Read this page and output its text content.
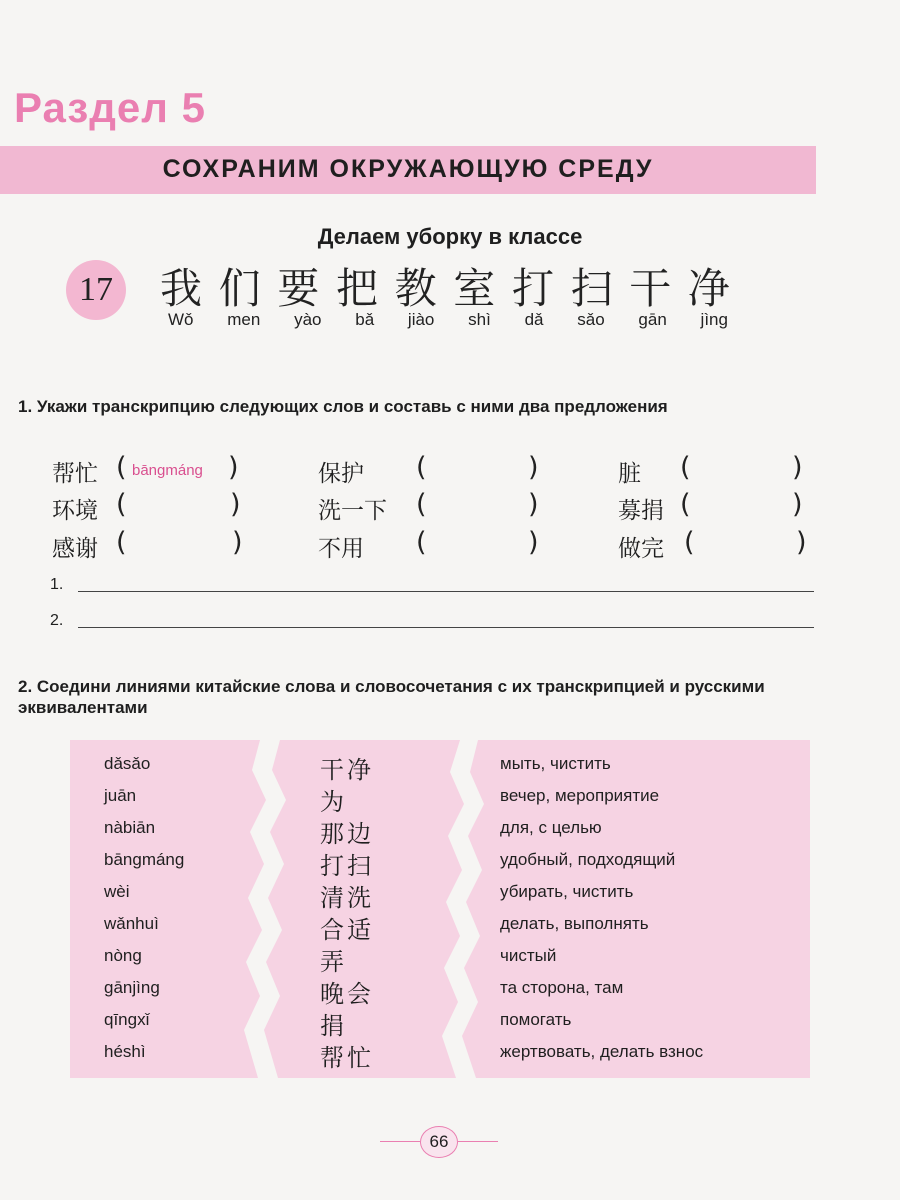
Раздел 5
СОХРАНИМ ОКРУЖАЮЩУЮ СРЕДУ
Делаем уборку в классе
17	我 们 要 把 教 室 打 扫 干 净
Wǒ men yào bǎ jiào shì dǎ sǎo gān jìng
1. Укажи транскрипцию следующих слов и составь с ними два предложения
帮忙 ( bāngmáng )	保护 (	)	脏 (	)
环境 (	)	洗一下 (	)	募捐 (	)
感谢 (	)	不用 (	)	做完 (	)
1.
2.
2. Соедини линиями китайские слова и словосочетания с их транскрипцией и русскими эквивалентами
dǎsǎo	干净	мыть, чистить
juān	为	вечер, мероприятие
nàbiān	那边	для, с целью
bāngmáng	打扫	удобный, подходящий
wèi	清洗	убирать, чистить
wǎnhuì	合适	делать, выполнять
nòng	弄	чистый
gānjìng	晚会	та сторона, там
qīngxǐ	捐	помогать
héshì	帮忙	жертвовать, делать взнос
66
